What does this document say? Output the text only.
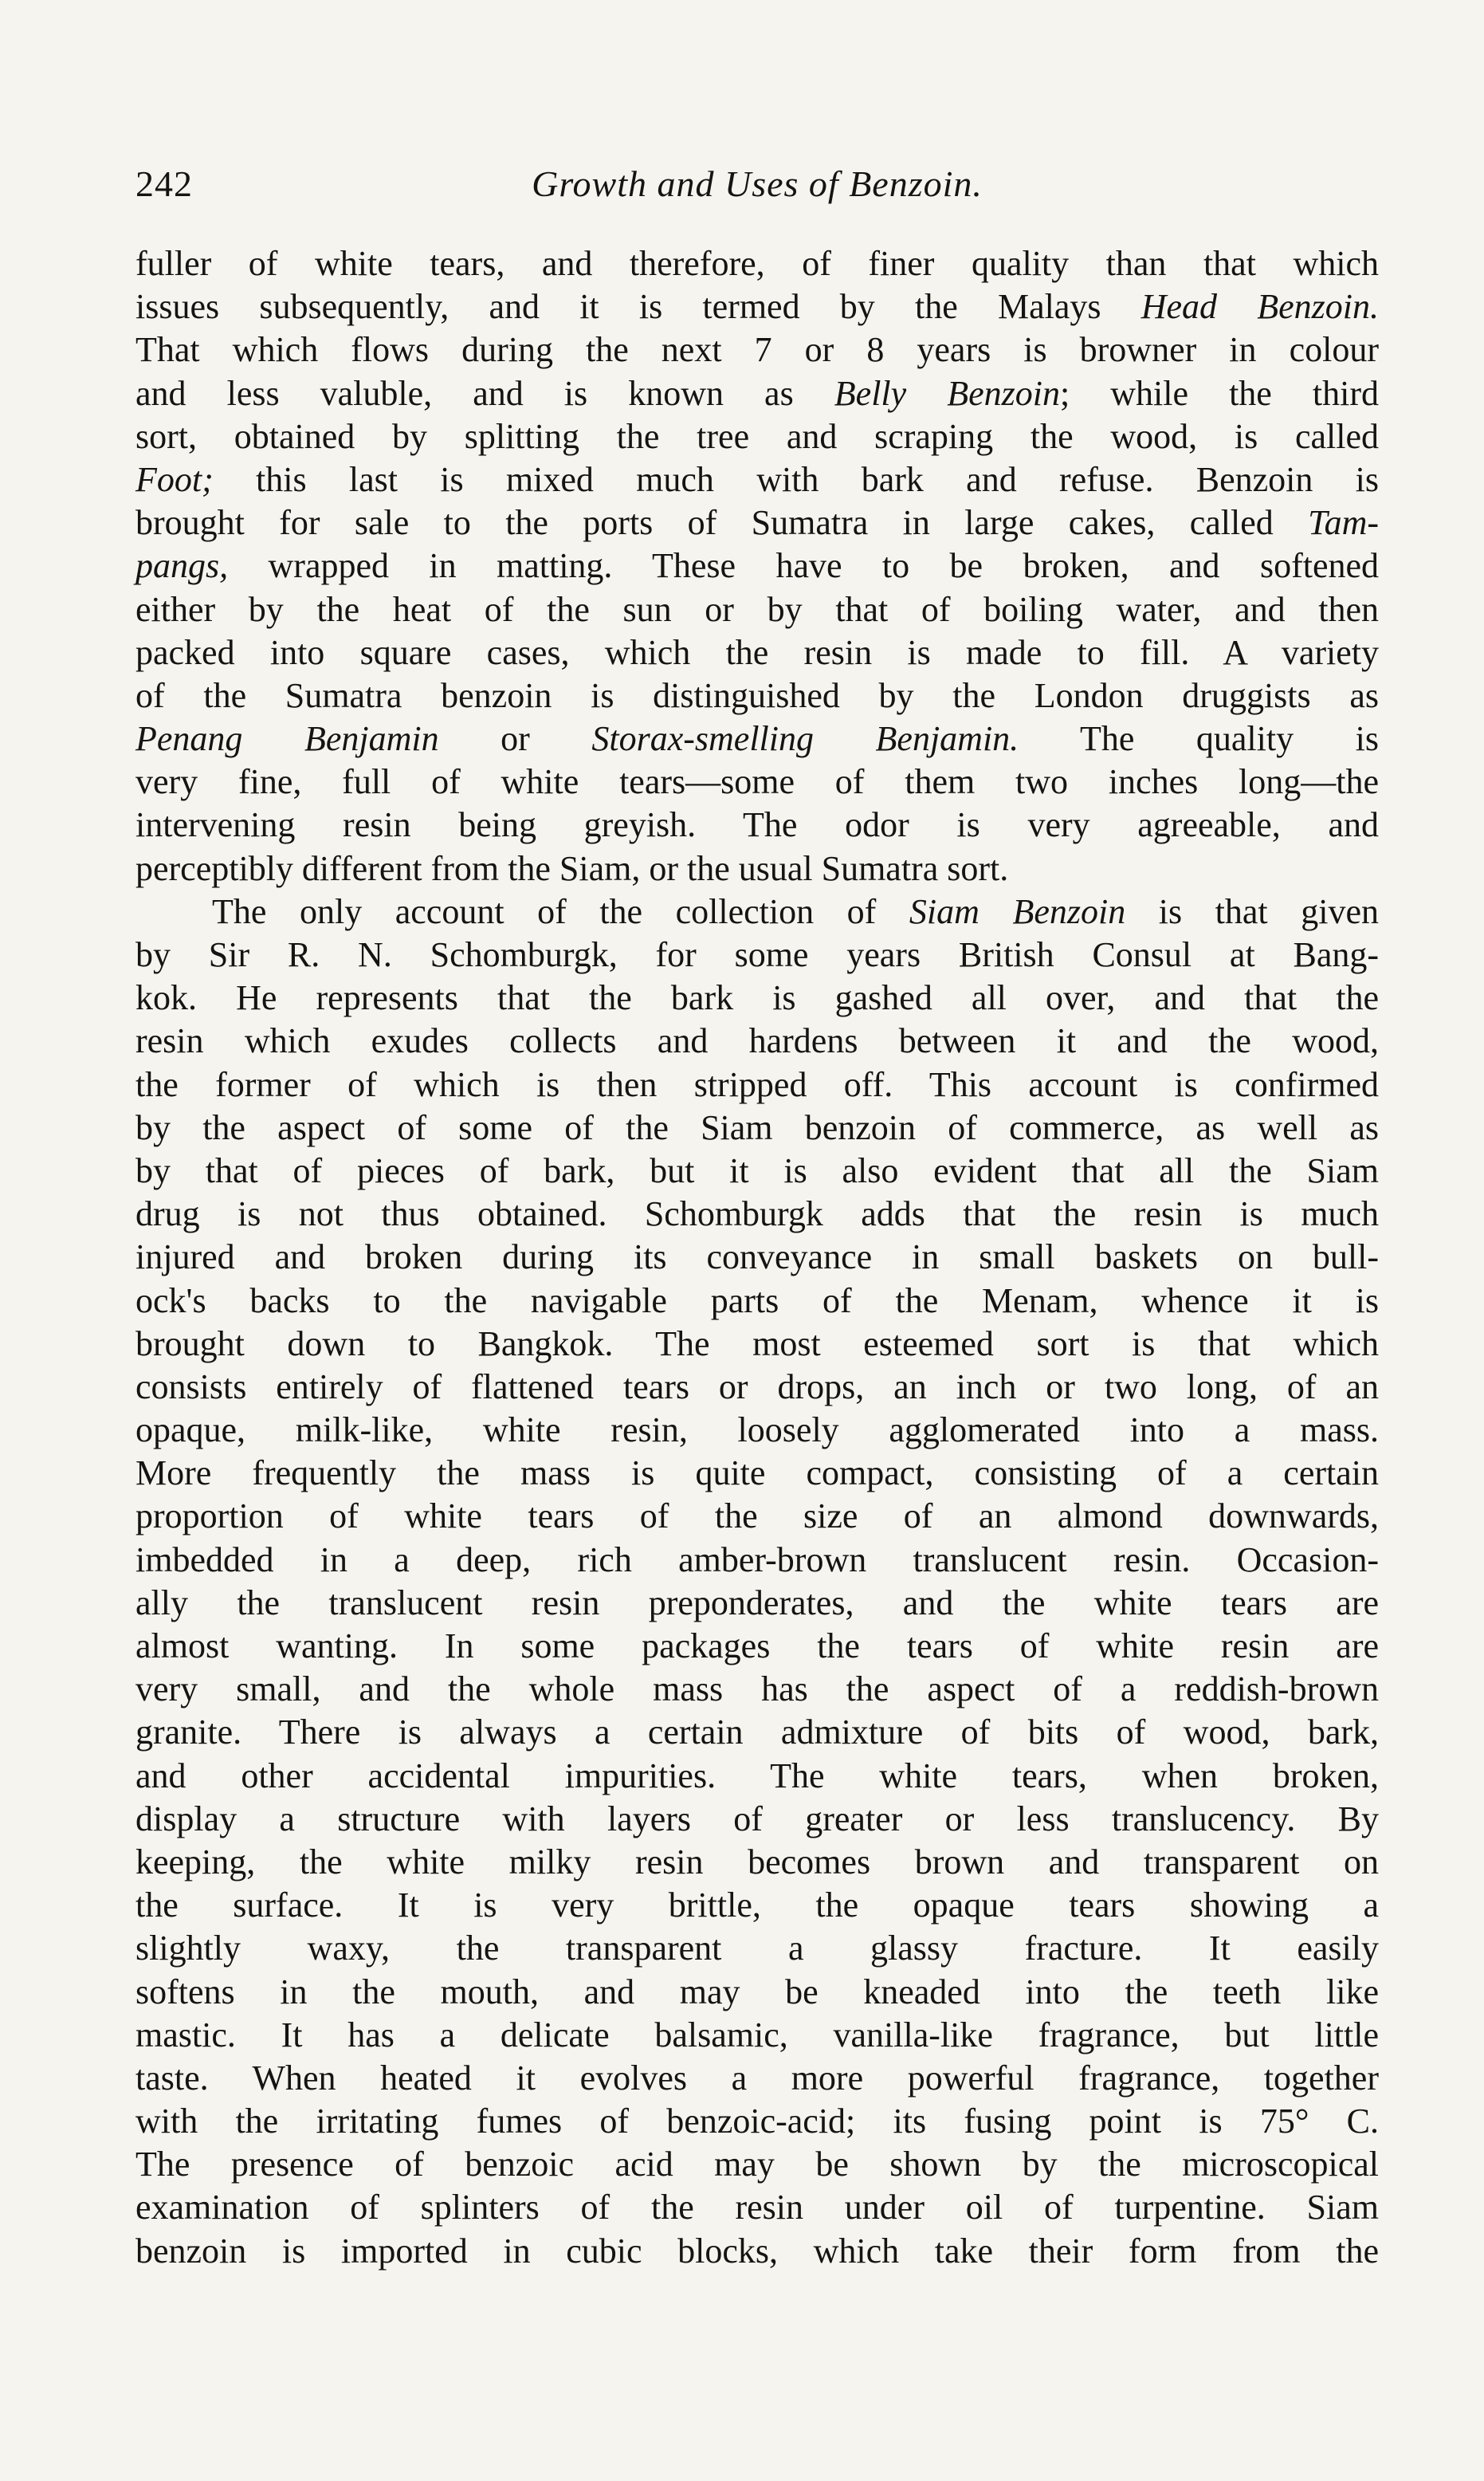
242	Growth and Uses of Benzoin.
fuller of white tears, and therefore, of finer quality than that which
issues subsequently, and it is termed by the Malays Head Benzoin.
That which flows during the next 7 or 8 years is browner in colour
and less valuble, and is known as Belly Benzoin; while the third
sort, obtained by splitting the tree and scraping the wood, is called
Foot; this last is mixed much with bark and refuse. Benzoin is
brought for sale to the ports of Sumatra in large cakes, called Tam-
pangs, wrapped in matting. These have to be broken, and softened
either by the heat of the sun or by that of boiling water, and then
packed into square cases, which the resin is made to fill. A variety
of the Sumatra benzoin is distinguished by the London druggists as
Penang Benjamin or Storax-smelling Benjamin. The quality is
very fine, full of white tears—some of them two inches long—the
intervening resin being greyish. The odor is very agreeable, and
perceptibly different from the Siam, or the usual Sumatra sort.
The only account of the collection of Siam Benzoin is that given
by Sir R. N. Schomburgk, for some years British Consul at Bang-
kok. He represents that the bark is gashed all over, and that the
resin which exudes collects and hardens between it and the wood,
the former of which is then stripped off. This account is confirmed
by the aspect of some of the Siam benzoin of commerce, as well as
by that of pieces of bark, but it is also evident that all the Siam
drug is not thus obtained. Schomburgk adds that the resin is much
injured and broken during its conveyance in small baskets on bull-
ock's backs to the navigable parts of the Menam, whence it is
brought down to Bangkok. The most esteemed sort is that which
consists entirely of flattened tears or drops, an inch or two long, of an
opaque, milk-like, white resin, loosely agglomerated into a mass.
More frequently the mass is quite compact, consisting of a certain
proportion of white tears of the size of an almond downwards,
imbedded in a deep, rich amber-brown translucent resin. Occasion-
ally the translucent resin preponderates, and the white tears are
almost wanting. In some packages the tears of white resin are
very small, and the whole mass has the aspect of a reddish-brown
granite. There is always a certain admixture of bits of wood, bark,
and other accidental impurities. The white tears, when broken,
display a structure with layers of greater or less translucency. By
keeping, the white milky resin becomes brown and transparent on
the surface. It is very brittle, the opaque tears showing a
slightly waxy, the transparent a glassy fracture. It easily
softens in the mouth, and may be kneaded into the teeth like
mastic. It has a delicate balsamic, vanilla-like fragrance, but little
taste. When heated it evolves a more powerful fragrance, together
with the irritating fumes of benzoic-acid; its fusing point is 75° C.
The presence of benzoic acid may be shown by the microscopical
examination of splinters of the resin under oil of turpentine. Siam
benzoin is imported in cubic blocks, which take their form from the
